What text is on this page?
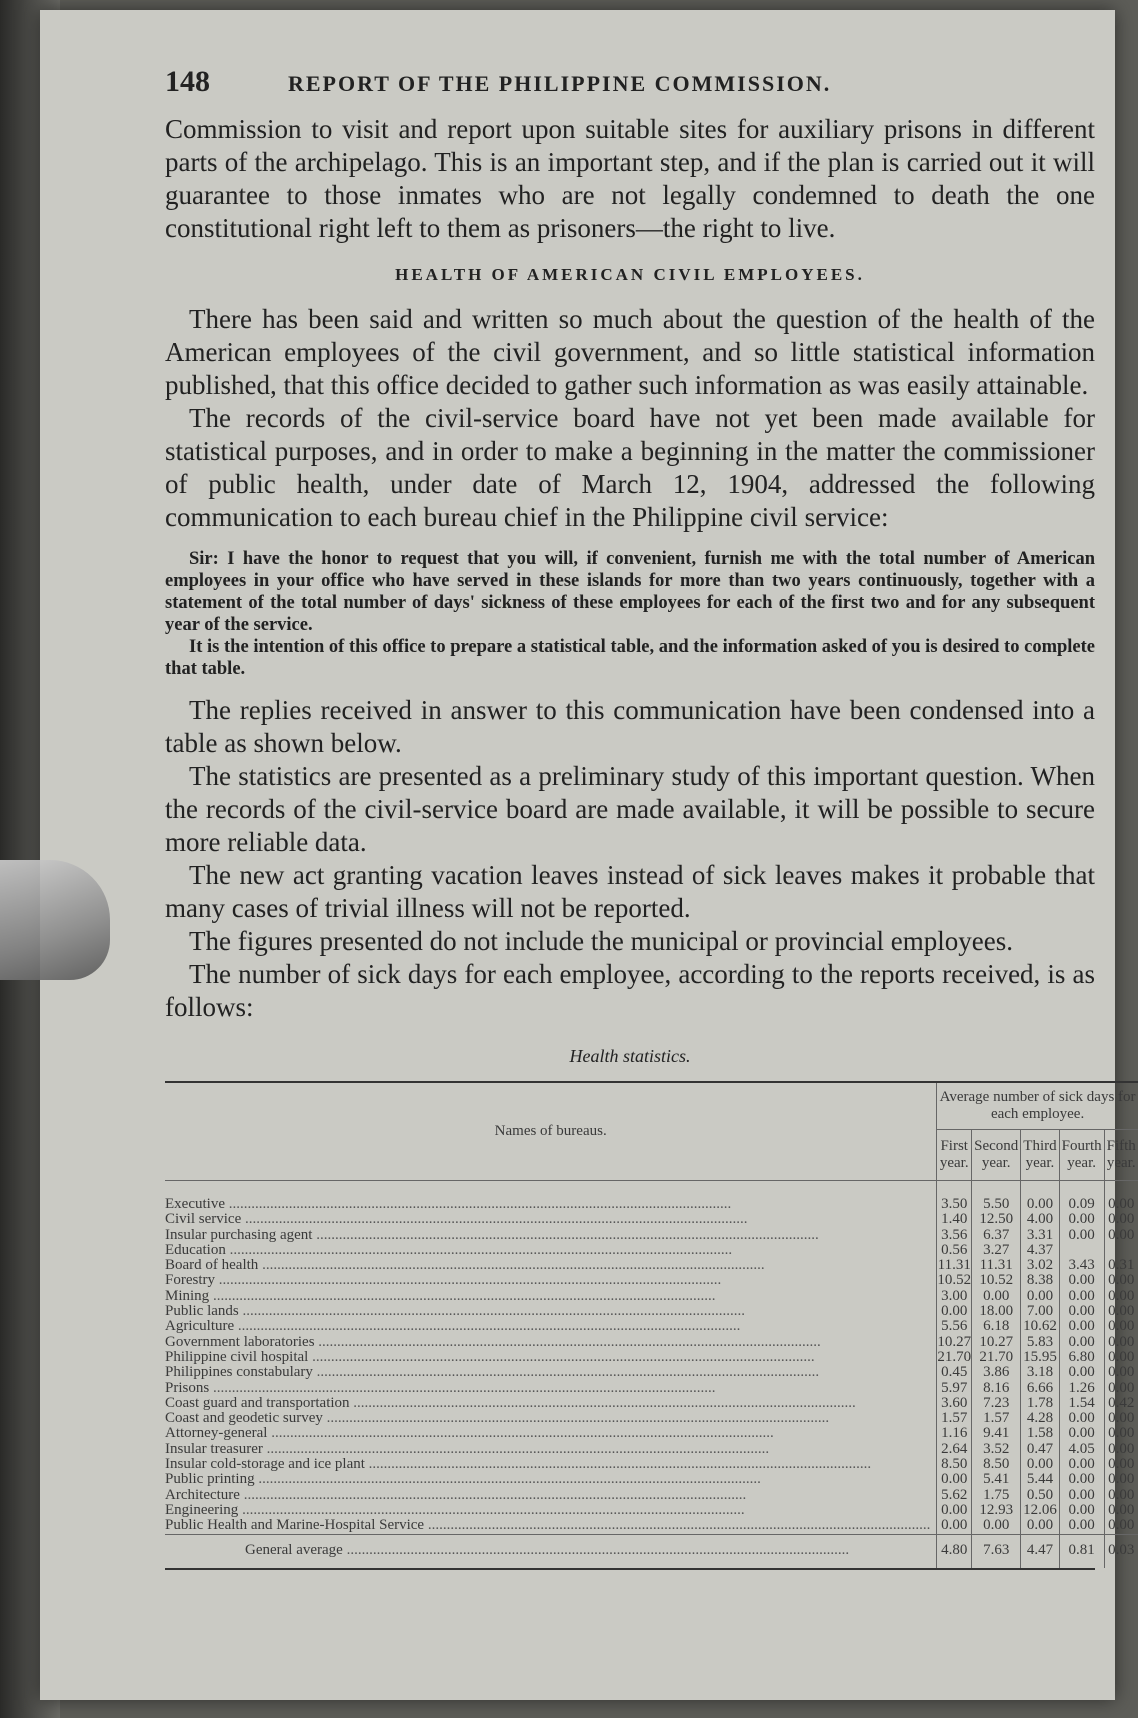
148	REPORT OF THE PHILIPPINE COMMISSION.

Commission to visit and report upon suitable sites for auxiliary prisons in different parts of the archipelago. This is an important step, and if the plan is carried out it will guarantee to those inmates who are not legally condemned to death the one constitutional right left to them as prisoners—the right to live.

HEALTH OF AMERICAN CIVIL EMPLOYEES.

There has been said and written so much about the question of the health of the American employees of the civil government, and so little statistical information published, that this office decided to gather such information as was easily attainable.

The records of the civil-service board have not yet been made available for statistical purposes, and in order to make a beginning in the matter the commissioner of public health, under date of March 12, 1904, addressed the following communication to each bureau chief in the Philippine civil service:

Sir: I have the honor to request that you will, if convenient, furnish me with the total number of American employees in your office who have served in these islands for more than two years continuously, together with a statement of the total number of days' sickness of these employees for each of the first two and for any subsequent year of the service.

It is the intention of this office to prepare a statistical table, and the information asked of you is desired to complete that table.

The replies received in answer to this communication have been condensed into a table as shown below.

The statistics are presented as a preliminary study of this important question. When the records of the civil-service board are made available, it will be possible to secure more reliable data.

The new act granting vacation leaves instead of sick leaves makes it probable that many cases of trivial illness will not be reported.

The figures presented do not include the municipal or provincial employees.

The number of sick days for each employee, according to the reports received, is as follows:

Health statistics.
Names of bureaus.	Average number of sick days for each employee.				
	First year.	Second year.	Third year.	Fourth year.	Fifth year.
Executive .....	3.50	5.50	0.00	0.09	0.00
Civil service .....	1.40	12.50	4.00	0.00	0.00
Insular purchasing agent .....	3.56	6.37	3.31	0.00	0.00
Education .....	0.56	3.27	4.37		
Board of health .....	11.31	11.31	3.02	3.43	0.31
Forestry .....	10.52	10.52	8.38	0.00	0.00
Mining .....	3.00	0.00	0.00	0.00	0.00
Public lands .....	0.00	18.00	7.00	0.00	0.00
Agriculture .....	5.56	6.18	10.62	0.00	0.00
Government laboratories .....	10.27	10.27	5.83	0.00	0.00
Philippine civil hospital .....	21.70	21.70	15.95	6.80	0.00
Philippines constabulary .....	0.45	3.86	3.18	0.00	0.00
Prisons .....	5.97	8.16	6.66	1.26	0.00
Coast guard and transportation .....	3.60	7.23	1.78	1.54	0.42
Coast and geodetic survey .....	1.57	1.57	4.28	0.00	0.00
Attorney-general .....	1.16	9.41	1.58	0.00	0.00
Insular treasurer .....	2.64	3.52	0.47	4.05	0.00
Insular cold-storage and ice plant .....	8.50	8.50	0.00	0.00	0.00
Public printing .....	0.00	5.41	5.44	0.00	0.00
Architecture .....	5.62	1.75	0.50	0.00	0.00
Engineering .....	0.00	12.93	12.06	0.00	0.00
Public Health and Marine-Hospital Service .....	0.00	0.00	0.00	0.00	0.00
General average .....	4.80	7.63	4.47	0.81	0.03
